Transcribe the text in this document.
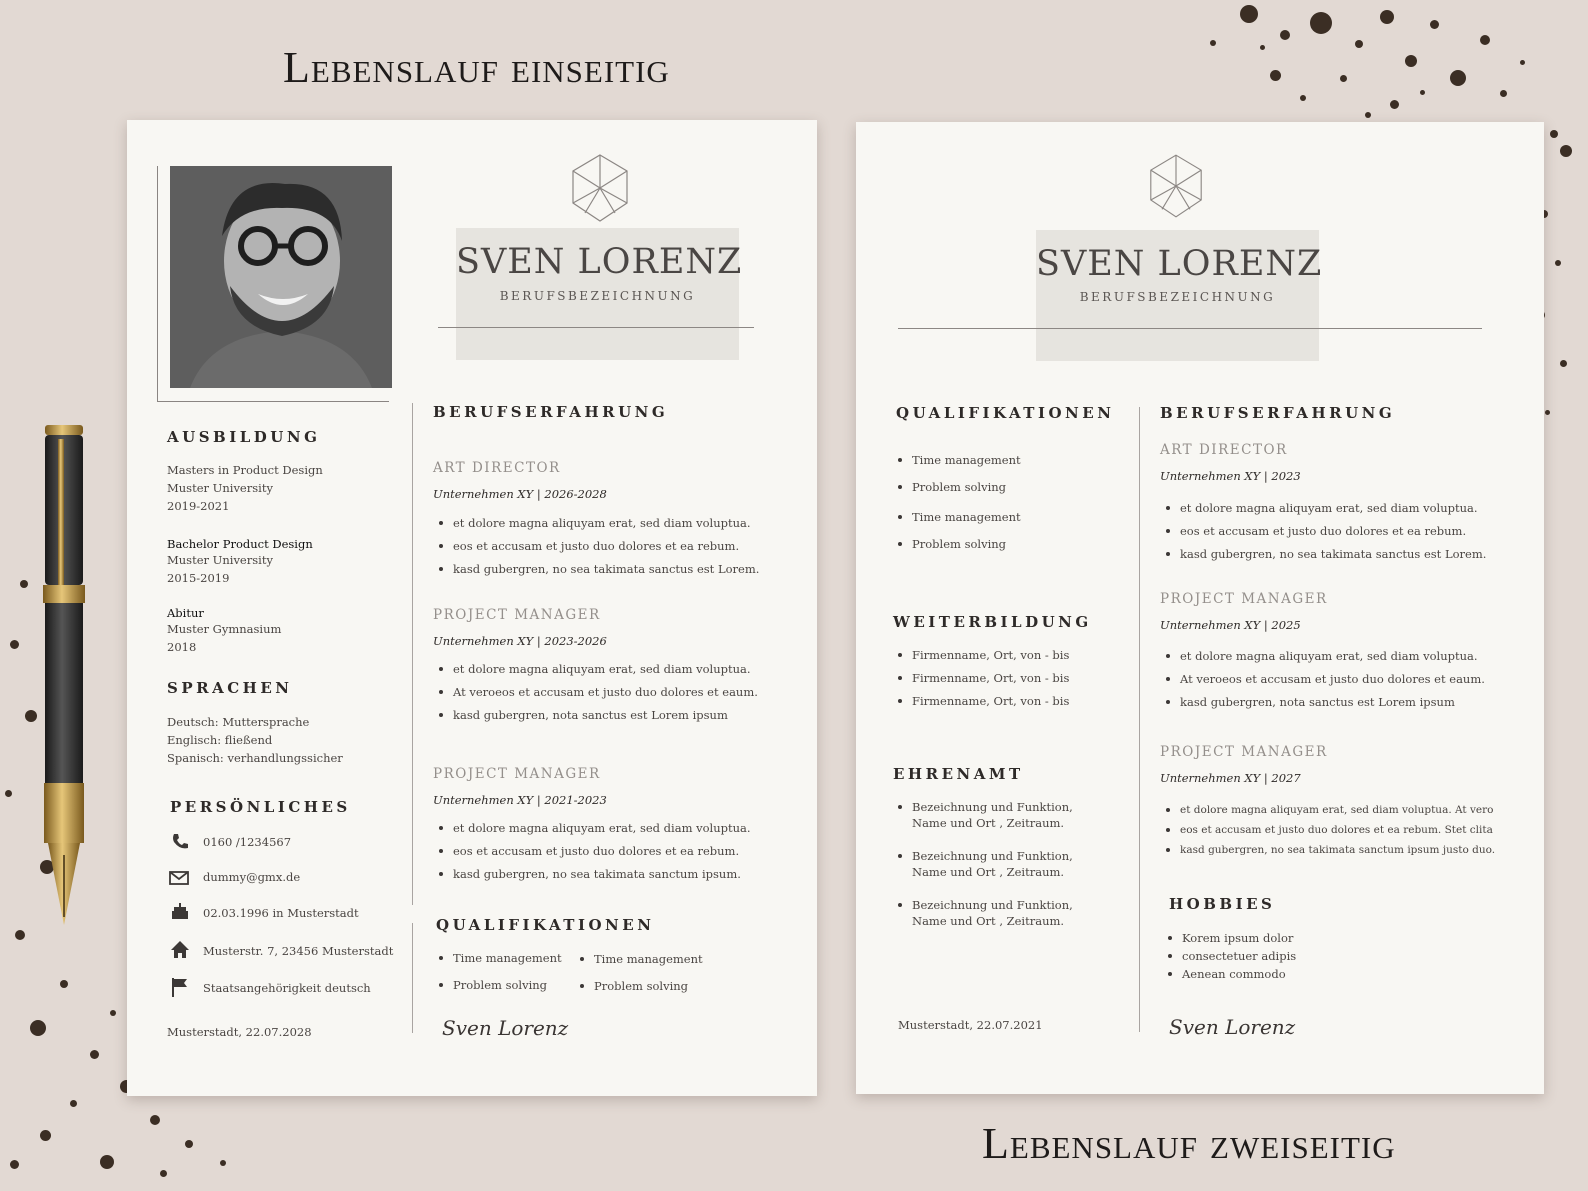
Lebenslauf einseitig
Lebenslauf zweiseitig
SVEN LORENZ
BERUFSBEZEICHNUNG
AUSBILDUNG
Masters in Product Design
Muster University
2019-2021
Bachelor Product Design
Muster University
2015-2019
Abitur
Muster Gymnasium
2018
SPRACHEN
Deutsch: Muttersprache
Englisch: fließend
Spanisch: verhandlungssicher
PERSÖNLICHES
0160 /1234567
dummy@gmx.de
02.03.1996 in Musterstadt
Musterstr. 7, 23456 Musterstadt
Staatsangehörigkeit deutsch
Musterstadt, 22.07.2028
BERUFSERFAHRUNG
ART DIRECTOR
Unternehmen XY | 2026-2028
et dolore magna aliquyam erat, sed diam voluptua.
eos et accusam et justo duo dolores et ea rebum.
kasd gubergren, no sea takimata sanctus est Lorem.
PROJECT MANAGER
Unternehmen XY | 2023-2026
et dolore magna aliquyam erat, sed diam voluptua.
At veroeos et accusam et justo duo dolores et eaum.
kasd gubergren, nota sanctus est Lorem ipsum
PROJECT MANAGER
Unternehmen XY | 2021-2023
et dolore magna aliquyam erat, sed diam voluptua.
eos et accusam et justo duo dolores et ea rebum.
kasd gubergren, no sea takimata sanctum ipsum.
QUALIFIKATIONEN
Time management
Problem solving
Time management
Problem solving
Sven Lorenz
SVEN LORENZ
BERUFSBEZEICHNUNG
QUALIFIKATIONEN
Time management
Problem solving
Time management
Problem solving
WEITERBILDUNG
Firmenname, Ort, von - bis
Firmenname, Ort, von - bis
Firmenname, Ort, von - bis
EHRENAMT
Bezeichnung und Funktion, Name und Ort , Zeitraum.
Bezeichnung und Funktion, Name und Ort , Zeitraum.
Bezeichnung und Funktion, Name und Ort , Zeitraum.
Musterstadt, 22.07.2021
BERUFSERFAHRUNG
ART DIRECTOR
Unternehmen XY | 2023
et dolore magna aliquyam erat, sed diam voluptua.
eos et accusam et justo duo dolores et ea rebum.
kasd gubergren, no sea takimata sanctus est Lorem.
PROJECT MANAGER
Unternehmen XY | 2025
et dolore magna aliquyam erat, sed diam voluptua.
At veroeos et accusam et justo duo dolores et eaum.
kasd gubergren, nota sanctus est Lorem ipsum
PROJECT MANAGER
Unternehmen XY | 2027
et dolore magna aliquyam erat, sed diam voluptua. At vero
eos et accusam et justo duo dolores et ea rebum. Stet clita
kasd gubergren, no sea takimata sanctum ipsum justo duo.
HOBBIES
Korem ipsum dolor
consectetuer adipis
Aenean commodo
Sven Lorenz
